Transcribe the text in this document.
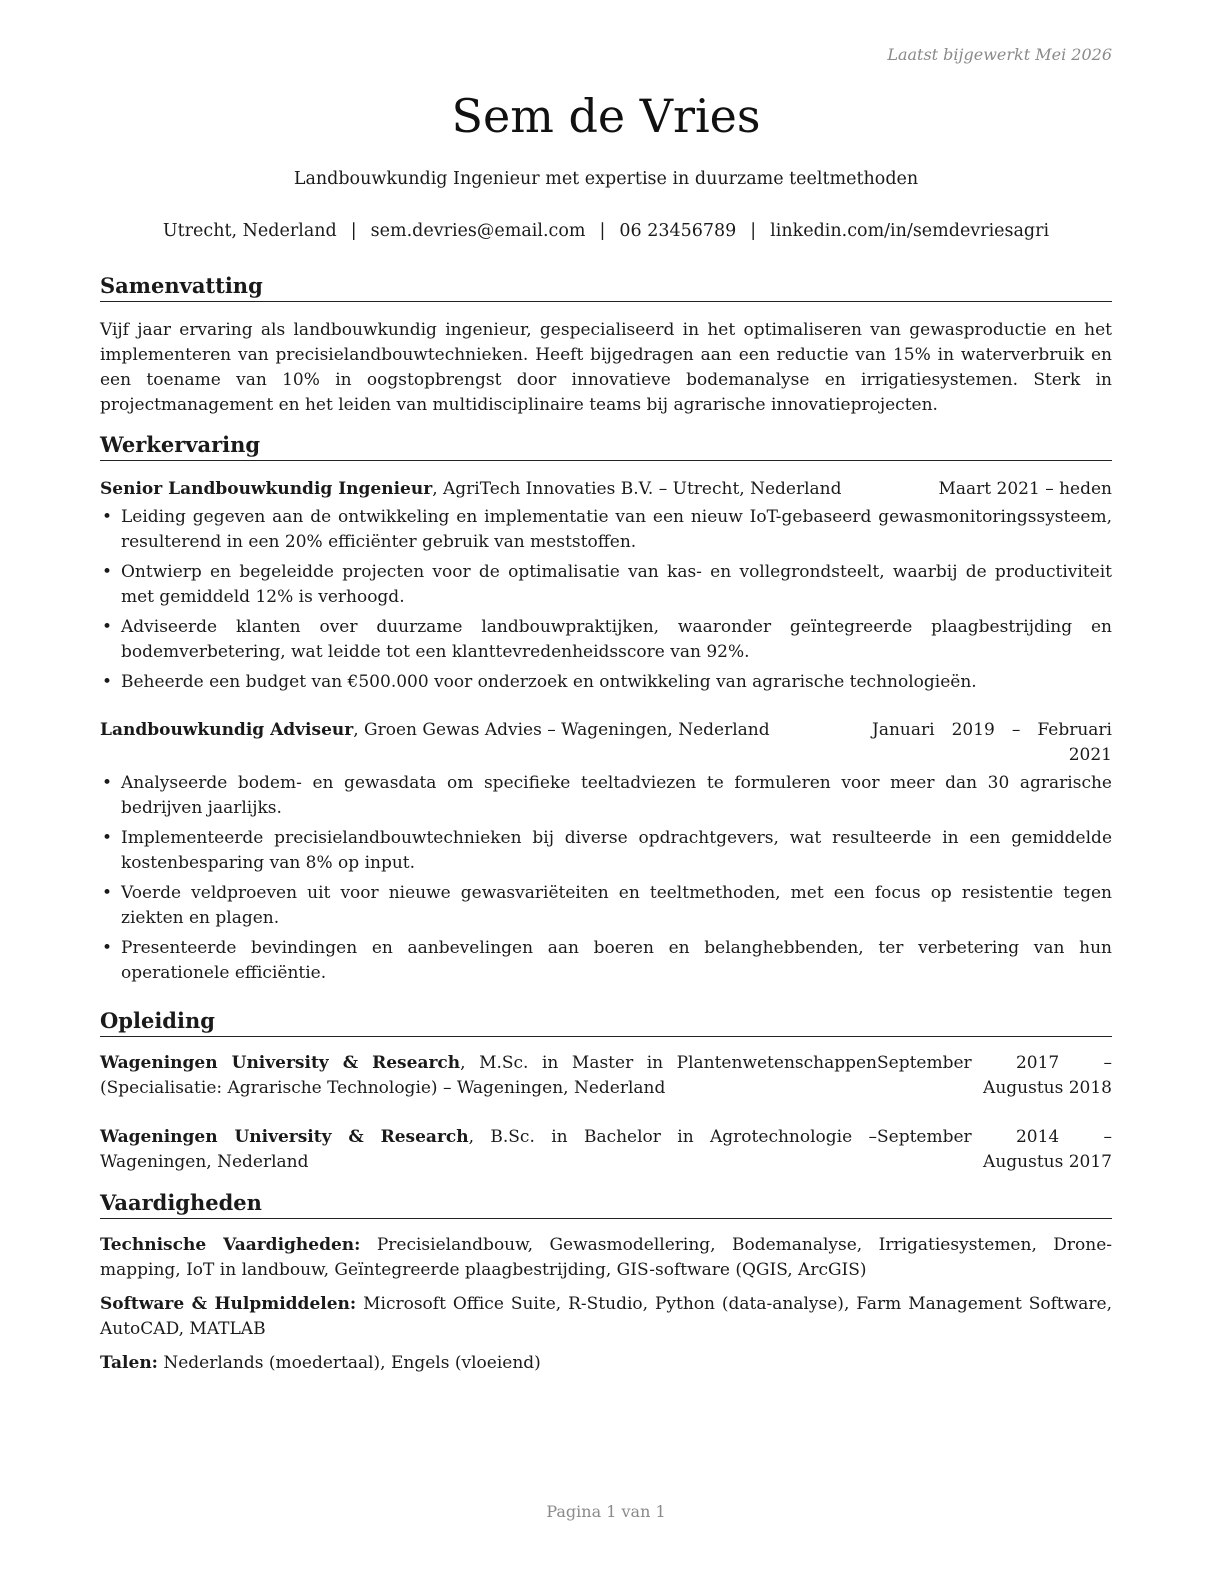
Laatst bijgewerkt Mei 2026
Sem de Vries
Landbouwkundig Ingenieur met expertise in duurzame teeltmethoden
Utrecht, Nederland | sem.devries@email.com | 06 23456789 | linkedin.com/in/semdevriesagri
Samenvatting

Vijf jaar ervaring als landbouwkundig ingenieur, gespecialiseerd in het optimaliseren van gewasproductie en het implementeren van precisielandbouwtechnieken. Heeft bijgedragen aan een reductie van 15% in waterverbruik en een toename van 10% in oogstopbrengst door innovatieve bodemanalyse en irrigatiesystemen. Sterk in projectmanagement en het leiden van multidisciplinaire teams bij agrarische innovatieprojecten.

Werkervaring
Senior Landbouwkundig Ingenieur, AgriTech Innovaties B.V. – Utrecht, Nederland	Maart 2021 – heden
• Leiding gegeven aan de ontwikkeling en implementatie van een nieuw IoT-gebaseerd gewasmonitoringssysteem, resulterend in een 20% efficiënter gebruik van meststoffen.
• Ontwierp en begeleidde projecten voor de optimalisatie van kas- en vollegrondsteelt, waarbij de productiviteit met gemiddeld 12% is verhoogd.
• Adviseerde klanten over duurzame landbouwpraktijken, waaronder geïntegreerde plaagbestrijding en bodemverbetering, wat leidde tot een klanttevredenheidsscore van 92%.
• Beheerde een budget van €500.000 voor onderzoek en ontwikkeling van agrarische technologieën.
Landbouwkundig Adviseur, Groen Gewas Advies – Wageningen, Nederland	Januari 2019 – Februari 2021
• Analyseerde bodem- en gewasdata om specifieke teeltadviezen te formuleren voor meer dan 30 agrarische bedrijven jaarlijks.
• Implementeerde precisielandbouwtechnieken bij diverse opdrachtgevers, wat resulteerde in een gemiddelde kostenbesparing van 8% op input.
• Voerde veldproeven uit voor nieuwe gewasvariëteiten en teeltmethoden, met een focus op resistentie tegen ziekten en plagen.
• Presenteerde bevindingen en aanbevelingen aan boeren en belanghebbenden, ter verbetering van hun operationele efficiëntie.
Opleiding
Wageningen University & Research, M.Sc. in Master in Plantenwetenschappen (Specialisatie: Agrarische Technologie) – Wageningen, Nederland
September 2017 – Augustus 2018
Wageningen University & Research, B.Sc. in Bachelor in Agrotechnologie – Wageningen, Nederland
September 2014 – Augustus 2017
Vaardigheden
Technische Vaardigheden: Precisielandbouw, Gewasmodellering, Bodemanalyse, Irrigatiesystemen, Drone-mapping, IoT in landbouw, Geïntegreerde plaagbestrijding, GIS-software (QGIS, ArcGIS)
Software & Hulpmiddelen: Microsoft Office Suite, R-Studio, Python (data-analyse), Farm Management Software, AutoCAD, MATLAB
Talen: Nederlands (moedertaal), Engels (vloeiend)
Pagina 1 van 1
